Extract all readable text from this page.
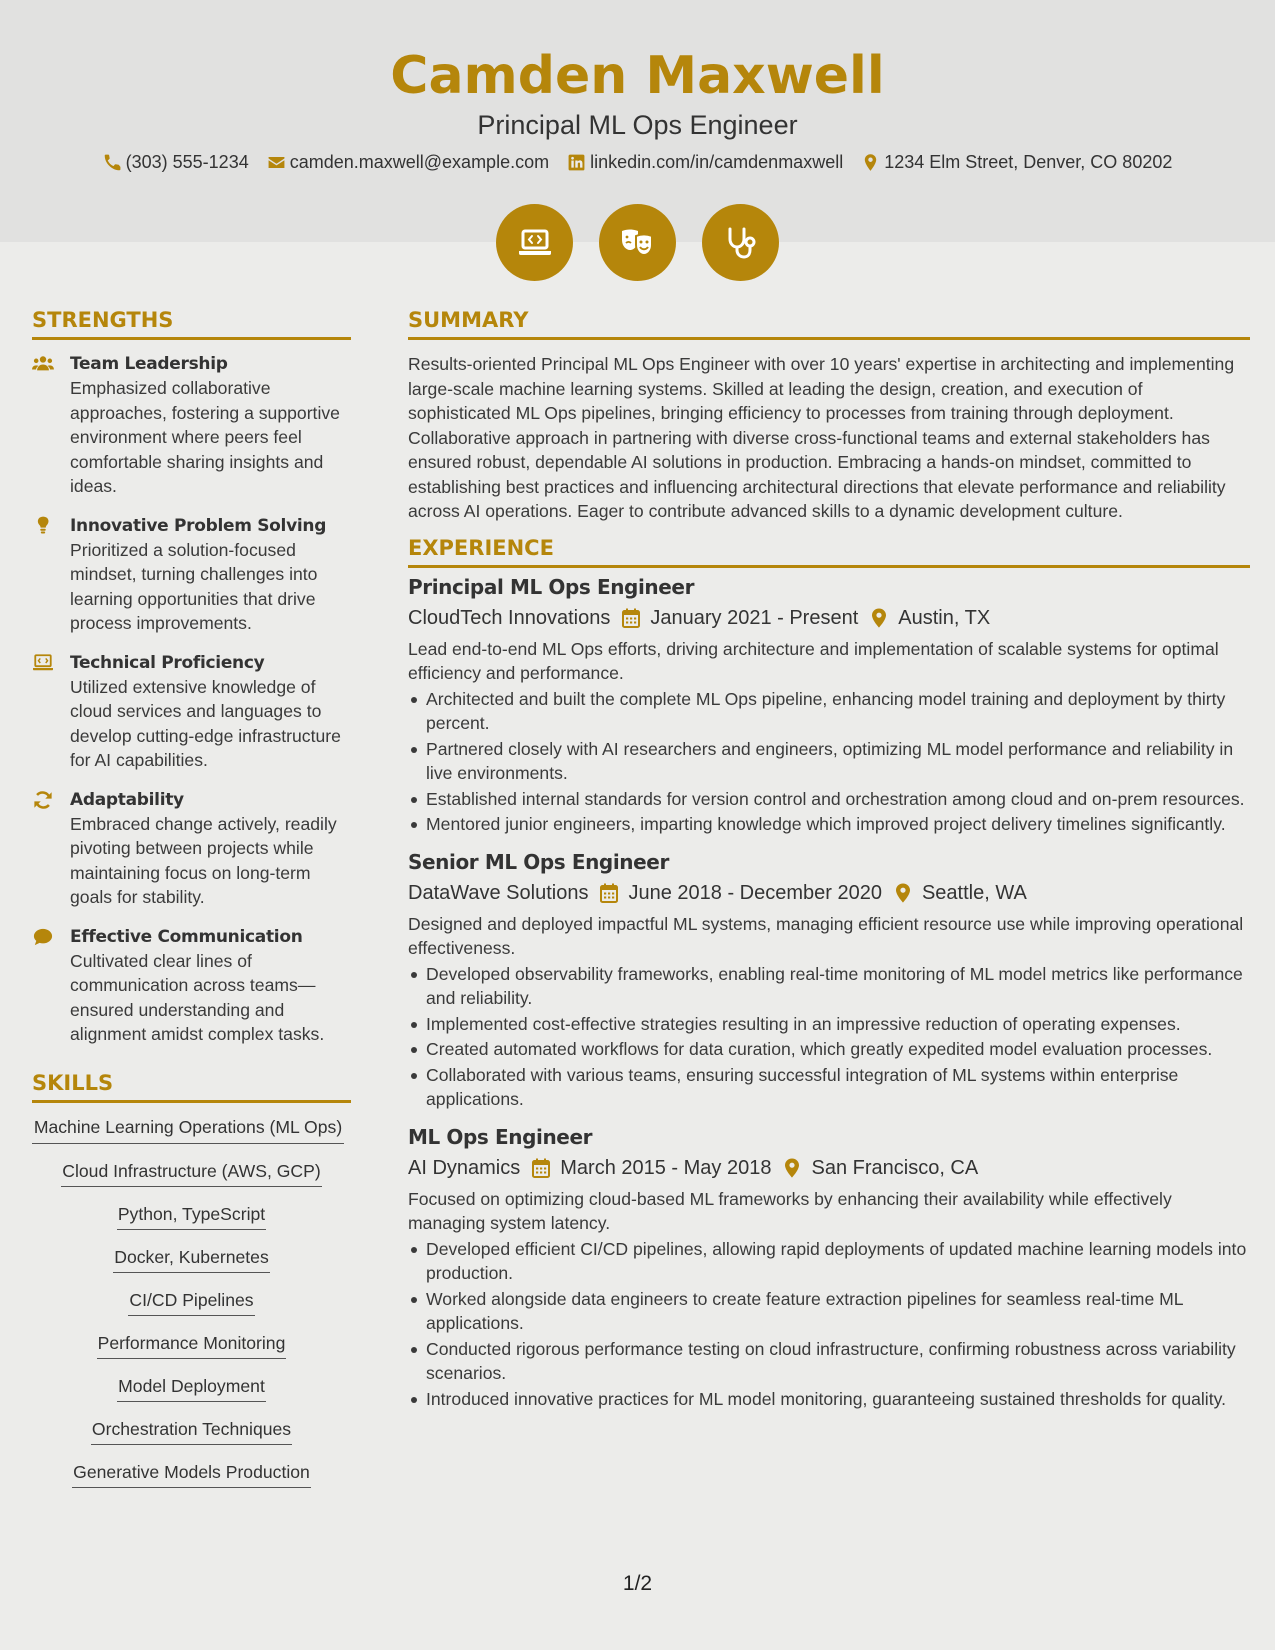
Camden Maxwell
Principal ML Ops Engineer
(303) 555-1234 camden.maxwell@example.com linkedin.com/in/camdenmaxwell 1234 Elm Street, Denver, CO 80202
STRENGTHS
Team Leadership
Emphasized collaborative approaches, fostering a supportive environment where peers feel comfortable sharing insights and ideas.
Innovative Problem Solving
Prioritized a solution-focused mindset, turning challenges into learning opportunities that drive process improvements.
Technical Proficiency
Utilized extensive knowledge of cloud services and languages to develop cutting-edge infrastructure for AI capabilities.
Adaptability
Embraced change actively, readily pivoting between projects while maintaining focus on long-term goals for stability.
Effective Communication
Cultivated clear lines of communication across teams—ensured understanding and alignment amidst complex tasks.
SKILLS
Machine Learning Operations (ML Ops)
Cloud Infrastructure (AWS, GCP)
Python, TypeScript
Docker, Kubernetes
CI/CD Pipelines
Performance Monitoring
Model Deployment
Orchestration Techniques
Generative Models Production
SUMMARY
Results-oriented Principal ML Ops Engineer with over 10 years' expertise in architecting and implementing large-scale machine learning systems. Skilled at leading the design, creation, and execution of sophisticated ML Ops pipelines, bringing efficiency to processes from training through deployment. Collaborative approach in partnering with diverse cross-functional teams and external stakeholders has ensured robust, dependable AI solutions in production. Embracing a hands-on mindset, committed to establishing best practices and influencing architectural directions that elevate performance and reliability across AI operations. Eager to contribute advanced skills to a dynamic development culture.
EXPERIENCE
Principal ML Ops Engineer
CloudTech Innovations January 2021 - Present Austin, TX
Lead end-to-end ML Ops efforts, driving architecture and implementation of scalable systems for optimal efficiency and performance.
Architected and built the complete ML Ops pipeline, enhancing model training and deployment by thirty percent.
Partnered closely with AI researchers and engineers, optimizing ML model performance and reliability in live environments.
Established internal standards for version control and orchestration among cloud and on-prem resources.
Mentored junior engineers, imparting knowledge which improved project delivery timelines significantly.
Senior ML Ops Engineer
DataWave Solutions June 2018 - December 2020 Seattle, WA
Designed and deployed impactful ML systems, managing efficient resource use while improving operational effectiveness.
Developed observability frameworks, enabling real-time monitoring of ML model metrics like performance and reliability.
Implemented cost-effective strategies resulting in an impressive reduction of operating expenses.
Created automated workflows for data curation, which greatly expedited model evaluation processes.
Collaborated with various teams, ensuring successful integration of ML systems within enterprise applications.
ML Ops Engineer
AI Dynamics March 2015 - May 2018 San Francisco, CA
Focused on optimizing cloud-based ML frameworks by enhancing their availability while effectively managing system latency.
Developed efficient CI/CD pipelines, allowing rapid deployments of updated machine learning models into production.
Worked alongside data engineers to create feature extraction pipelines for seamless real-time ML applications.
Conducted rigorous performance testing on cloud infrastructure, confirming robustness across variability scenarios.
Introduced innovative practices for ML model monitoring, guaranteeing sustained thresholds for quality.
1/2
